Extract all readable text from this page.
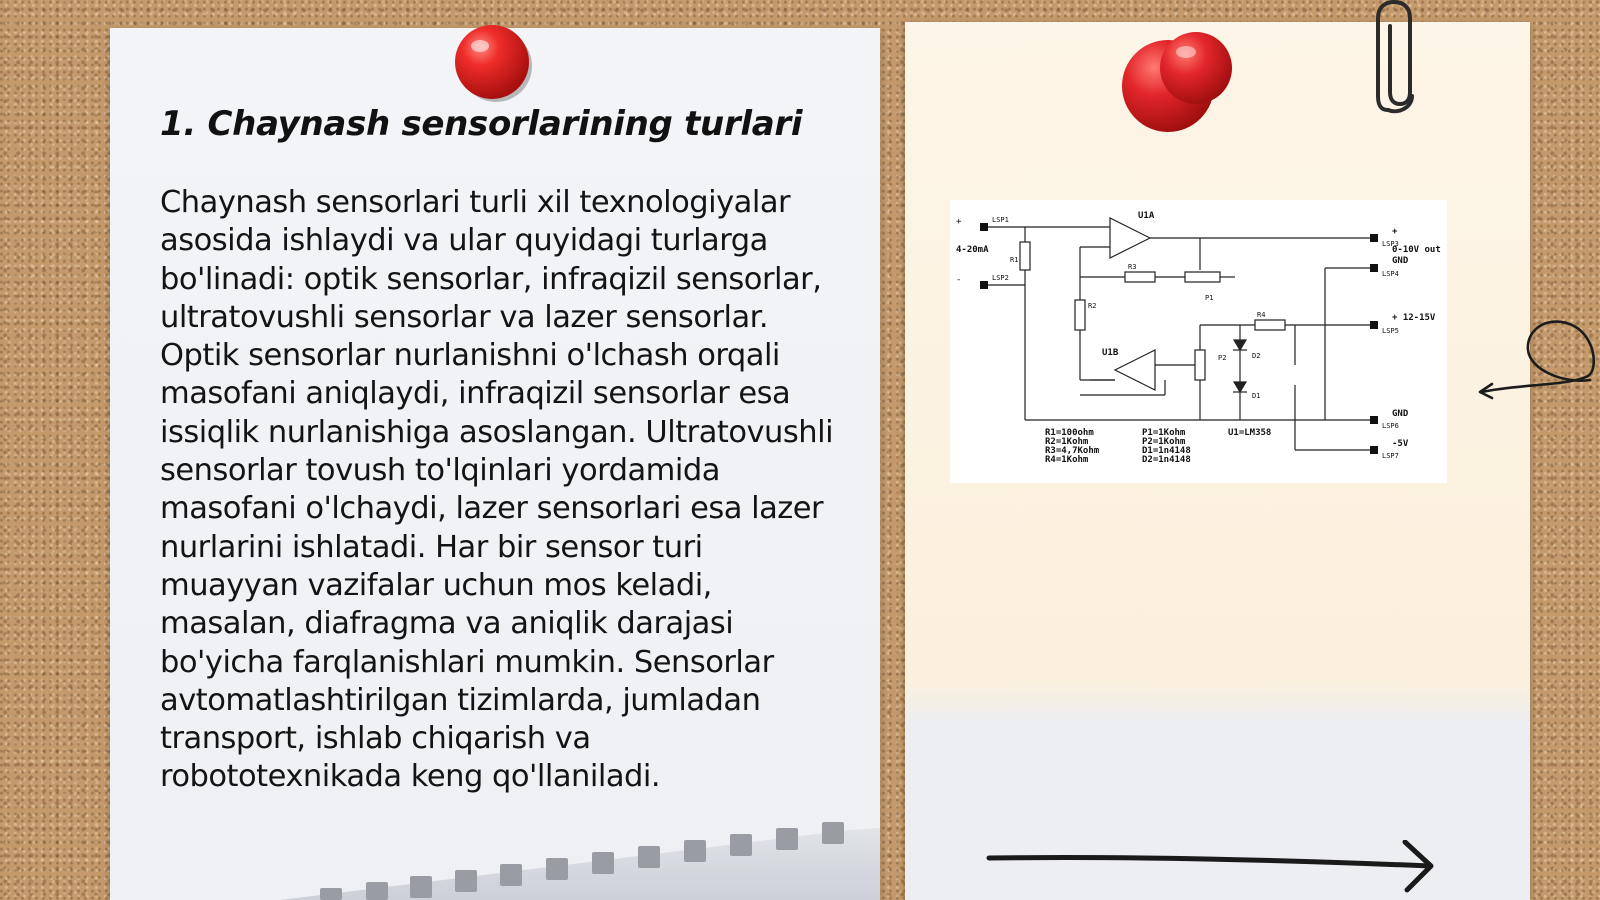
1. Chaynash sensorlarining turlari

Chaynash sensorlari turli xil texnologiyalar asosida ishlaydi va ular quyidagi turlarga bo'linadi: optik sensorlar, infraqizil sensorlar, ultratovushli sensorlar va lazer sensorlar. Optik sensorlar nurlanishni o'lchash orqali masofani aniqlaydi, infraqizil sensorlar esa issiqlik nurlanishiga asoslangan. Ultratovushli sensorlar tovush to'lqinlari yordamida masofani o'lchaydi, lazer sensorlari esa lazer nurlarini ishlatadi. Har bir sensor turi muayyan vazifalar uchun mos keladi, masalan, diafragma va aniqlik darajasi bo'yicha farqlanishlari mumkin. Sensorlar avtomatlashtirilgan tizimlarda, jumladan transport, ishlab chiqarish va robototexnikada keng qo'llaniladi.

+
-
4-20mA
LSP1
LSP2
U1A
U1B
R1
R2
R3
R4
P1
P2
D1
D2
LSP3
LSP4
LSP5
LSP6
LSP7
+
0-10V out
GND
+ 12-15V
GND
-5V
R1=100ohm
R2=1Kohm
R3=4,7Kohm
R4=1Kohm
P1=1Kohm
P2=1Kohm
D1=1n4148
D2=1n4148
U1=LM358
